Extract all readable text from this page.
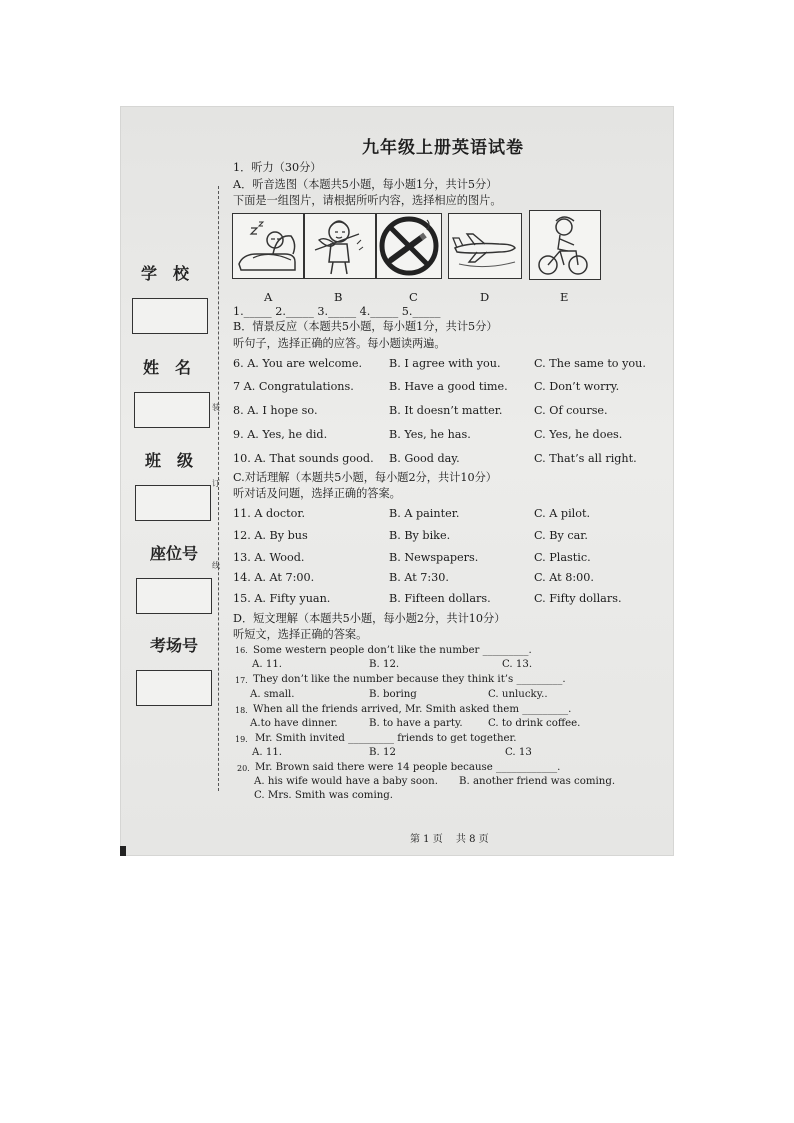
学　校
姓　名
班　级
座位号
考场号
装
订
线
九年级上册英语试卷
1．听力（30分）
A．听音选图（本题共5小题，每小题1分，共计5分）
下面是一组图片，请根据所听内容，选择相应的图片。
A	B	C	D	E
1._____ 2._____ 3._____ 4._____ 5._____
B．情景反应（本题共5小题，每小题1分，共计5分）
听句子，选择正确的应答。每小题读两遍。
6. A. You are welcome. B. I agree with you.	C. The same to you.
7 A. Congratulations.	B. Have a good time. C. Don’t worry.
8. A. I hope so.	B. It doesn’t matter.	C. Of course.
9. A. Yes, he did.	B. Yes, he has.	C. Yes, he does.
10. A. That sounds good. B. Good day.	C. That’s all right.
C.对话理解（本题共5小题，每小题2分，共计10分）
听对话及问题，选择正确的答案。
11. A doctor.	B. A painter.	C. A pilot.
12. A. By bus	B. By bike.	C. By car.
13. A. Wood.	B. Newspapers.	C. Plastic.
14. A. At 7:00.	B. At 7:30.	C. At 8:00.
15. A. Fifty yuan.	B. Fifteen dollars.	C. Fifty dollars.
D．短文理解（本题共5小题，每小题2分，共计10分）
听短文，选择正确的答案。
16. Some western people don’t like the number _________.
A. 11.	B. 12.	C. 13.
17. They don’t like the number because they think it’s _________.
A. small.	B. boring	C. unlucky..
18. When all the friends arrived, Mr. Smith asked them _________.
A.to have dinner.	B. to have a party. C. to drink coffee.
19. Mr. Smith invited _________ friends to get together.
A. 11.	B. 12	C. 13
20. Mr. Brown said there were 14 people because ____________.
A. his wife would have a baby soon. B. another friend was coming.
C. Mrs. Smith was coming.
第 1 页　 共 8 页
